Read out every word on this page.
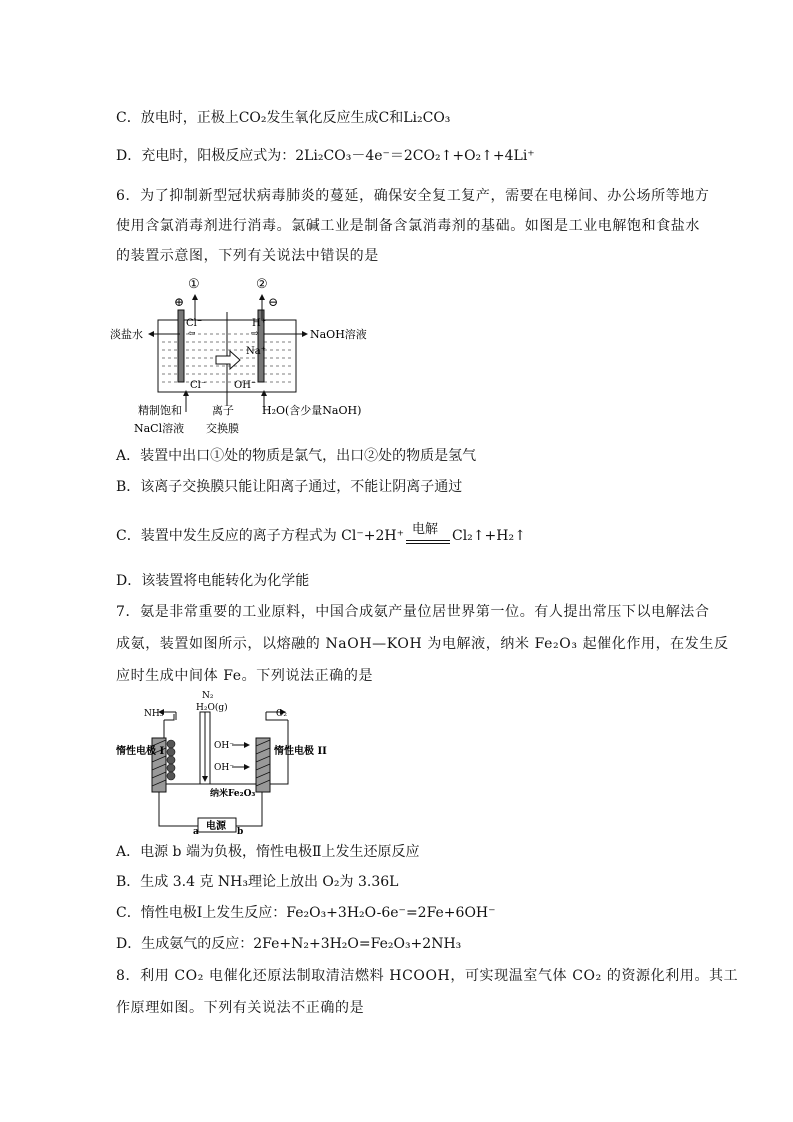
C．放电时，正极上CO₂发生氧化反应生成C和Li₂CO₃
D．充电时，阳极反应式为：2Li₂CO₃－4e⁻＝2CO₂↑+O₂↑+4Li⁺
6．为了抑制新型冠状病毒肺炎的蔓延，确保安全复工复产，需要在电梯间、办公场所等地方
使用含氯消毒剂进行消毒。氯碱工业是制备含氯消毒剂的基础。如图是工业电解饱和食盐水
的装置示意图，下列有关说法中错误的是
①	②
⊕	⊖
Cl⁻	H⁺
⇦	⇨
淡盐水	NaOH溶液
Na⁺
Cl⁻	OH⁻
精制饱和
NaCl溶液
离子
交换膜
H₂O(含少量NaOH)
A．装置中出口①处的物质是氯气，出口②处的物质是氢气
B．该离子交换膜只能让阳离子通过，不能让阴离子通过
C．装置中发生反应的离子方程式为 Cl⁻+2H⁺ 电解 Cl₂↑+H₂↑
D．该装置将电能转化为化学能
7．氨是非常重要的工业原料，中国合成氨产量位居世界第一位。有人提出常压下以电解法合
成氨，装置如图所示，以熔融的 NaOH—KOH 为电解液，纳米 Fe₂O₃ 起催化作用，在发生反
应时生成中间体 Fe。下列说法正确的是
N₂
H₂O(g)
NH₃	O₂
OH⁻
OH⁻
惰性电极 I	惰性电极 II
纳米Fe₂O₃
电源
a	b
A．电源 b 端为负极，惰性电极Ⅱ上发生还原反应
B．生成 3.4 克 NH₃理论上放出 O₂为 3.36L
C．惰性电极Ⅰ上发生反应：Fe₂O₃+3H₂O-6e⁻=2Fe+6OH⁻
D．生成氨气的反应：2Fe+N₂+3H₂O=Fe₂O₃+2NH₃
8．利用 CO₂ 电催化还原法制取清洁燃料 HCOOH，可实现温室气体 CO₂ 的资源化利用。其工
作原理如图。下列有关说法不正确的是
